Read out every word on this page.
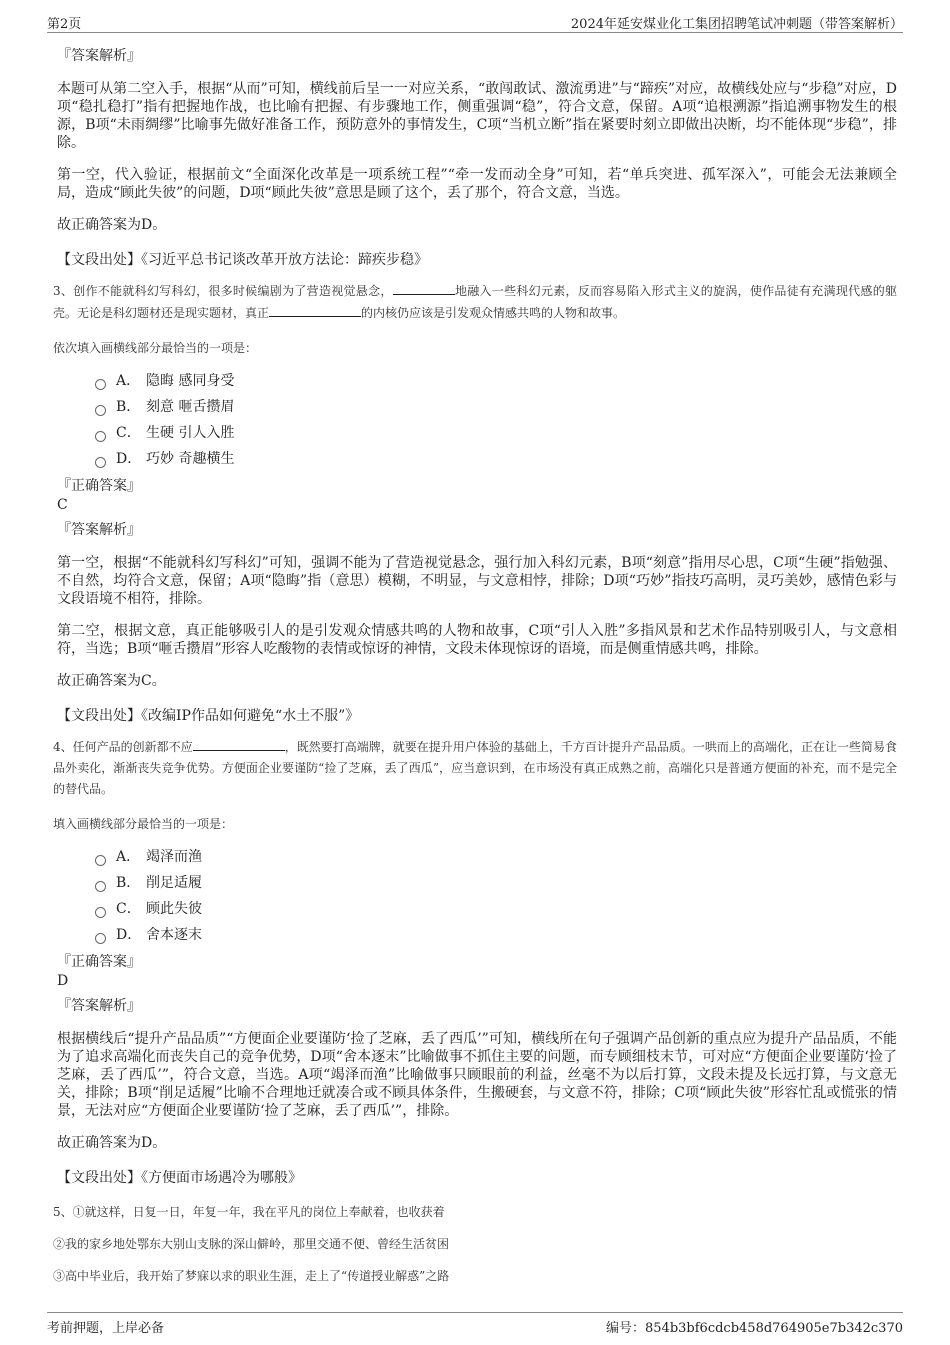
第2页	2024年延安煤业化工集团招聘笔试冲刺题（带答案解析）

『答案解析』

本题可从第二空入手，根据“从而”可知，横线前后呈一一对应关系，“敢闯敢试、激流勇进”与“蹄疾”对应，故横线处应与“步稳”对应，D项“稳扎稳打”指有把握地作战，也比喻有把握、有步骤地工作，侧重强调“稳”，符合文意，保留。A项“追根溯源”指追溯事物发生的根源，B项“未雨绸缪”比喻事先做好准备工作，预防意外的事情发生，C项“当机立断”指在紧要时刻立即做出决断，均不能体现“步稳”，排除。

第一空，代入验证，根据前文“全面深化改革是一项系统工程”“牵一发而动全身”可知，若“单兵突进、孤军深入”，可能会无法兼顾全局，造成“顾此失彼”的问题，D项“顾此失彼”意思是顾了这个，丢了那个，符合文意，当选。

故正确答案为D。

【文段出处】《习近平总书记谈改革开放方法论：蹄疾步稳》

3、创作不能就科幻写科幻，很多时候编剧为了营造视觉悬念，	地融入一些科幻元素，反而容易陷入形式主义的旋涡，使作品徒有充满现代感的躯壳。无论是科幻题材还是现实题材，真正	的内核仍应该是引发观众情感共鸣的人物和故事。

依次填入画横线部分最恰当的一项是：

A． 隐晦 感同身受
B． 刻意 咂舌攒眉
C． 生硬 引人入胜
D． 巧妙 奇趣横生

『正确答案』

C

『答案解析』

第一空，根据“不能就科幻写科幻”可知，强调不能为了营造视觉悬念，强行加入科幻元素，B项“刻意”指用尽心思，C项“生硬”指勉强、不自然，均符合文意，保留；A项“隐晦”指（意思）模糊，不明显，与文意相悖，排除；D项“巧妙”指技巧高明，灵巧美妙，感情色彩与文段语境不相符，排除。

第二空，根据文意，真正能够吸引人的是引发观众情感共鸣的人物和故事，C项“引人入胜”多指风景和艺术作品特别吸引人，与文意相符，当选；B项“咂舌攒眉”形容人吃酸物的表情或惊讶的神情，文段未体现惊讶的语境，而是侧重情感共鸣，排除。

故正确答案为C。

【文段出处】《改编IP作品如何避免“水土不服”》

4、任何产品的创新都不应	，既然要打高端牌，就要在提升用户体验的基础上，千方百计提升产品品质。一哄而上的高端化，正在让一些简易食品外卖化，渐渐丧失竞争优势。方便面企业要谨防“捡了芝麻，丢了西瓜”，应当意识到，在市场没有真正成熟之前，高端化只是普通方便面的补充，而不是完全的替代品。

填入画横线部分最恰当的一项是：

A． 竭泽而渔
B． 削足适履
C． 顾此失彼
D． 舍本逐末

『正确答案』

D

『答案解析』

根据横线后“提升产品品质”“方便面企业要谨防‘捡了芝麻，丢了西瓜’”可知，横线所在句子强调产品创新的重点应为提升产品品质，不能为了追求高端化而丧失自己的竞争优势，D项“舍本逐末”比喻做事不抓住主要的问题，而专顾细枝末节，可对应“方便面企业要谨防‘捡了芝麻，丢了西瓜’”，符合文意，当选。A项“竭泽而渔”比喻做事只顾眼前的利益，丝毫不为以后打算，文段未提及长远打算，与文意无关，排除；B项“削足适履”比喻不合理地迁就凑合或不顾具体条件，生搬硬套，与文意不符，排除；C项“顾此失彼”形容忙乱或慌张的情景，无法对应“方便面企业要谨防‘捡了芝麻，丢了西瓜’”，排除。

故正确答案为D。

【文段出处】《方便面市场遇冷为哪般》

5、①就这样，日复一日，年复一年，我在平凡的岗位上奉献着，也收获着

②我的家乡地处鄂东大别山支脉的深山僻岭，那里交通不便、曾经生活贫困

③高中毕业后，我开始了梦寐以求的职业生涯，走上了“传道授业解惑”之路

考前押题，上岸必备	编号：854b3bf6cdcb458d764905e7b342c370
